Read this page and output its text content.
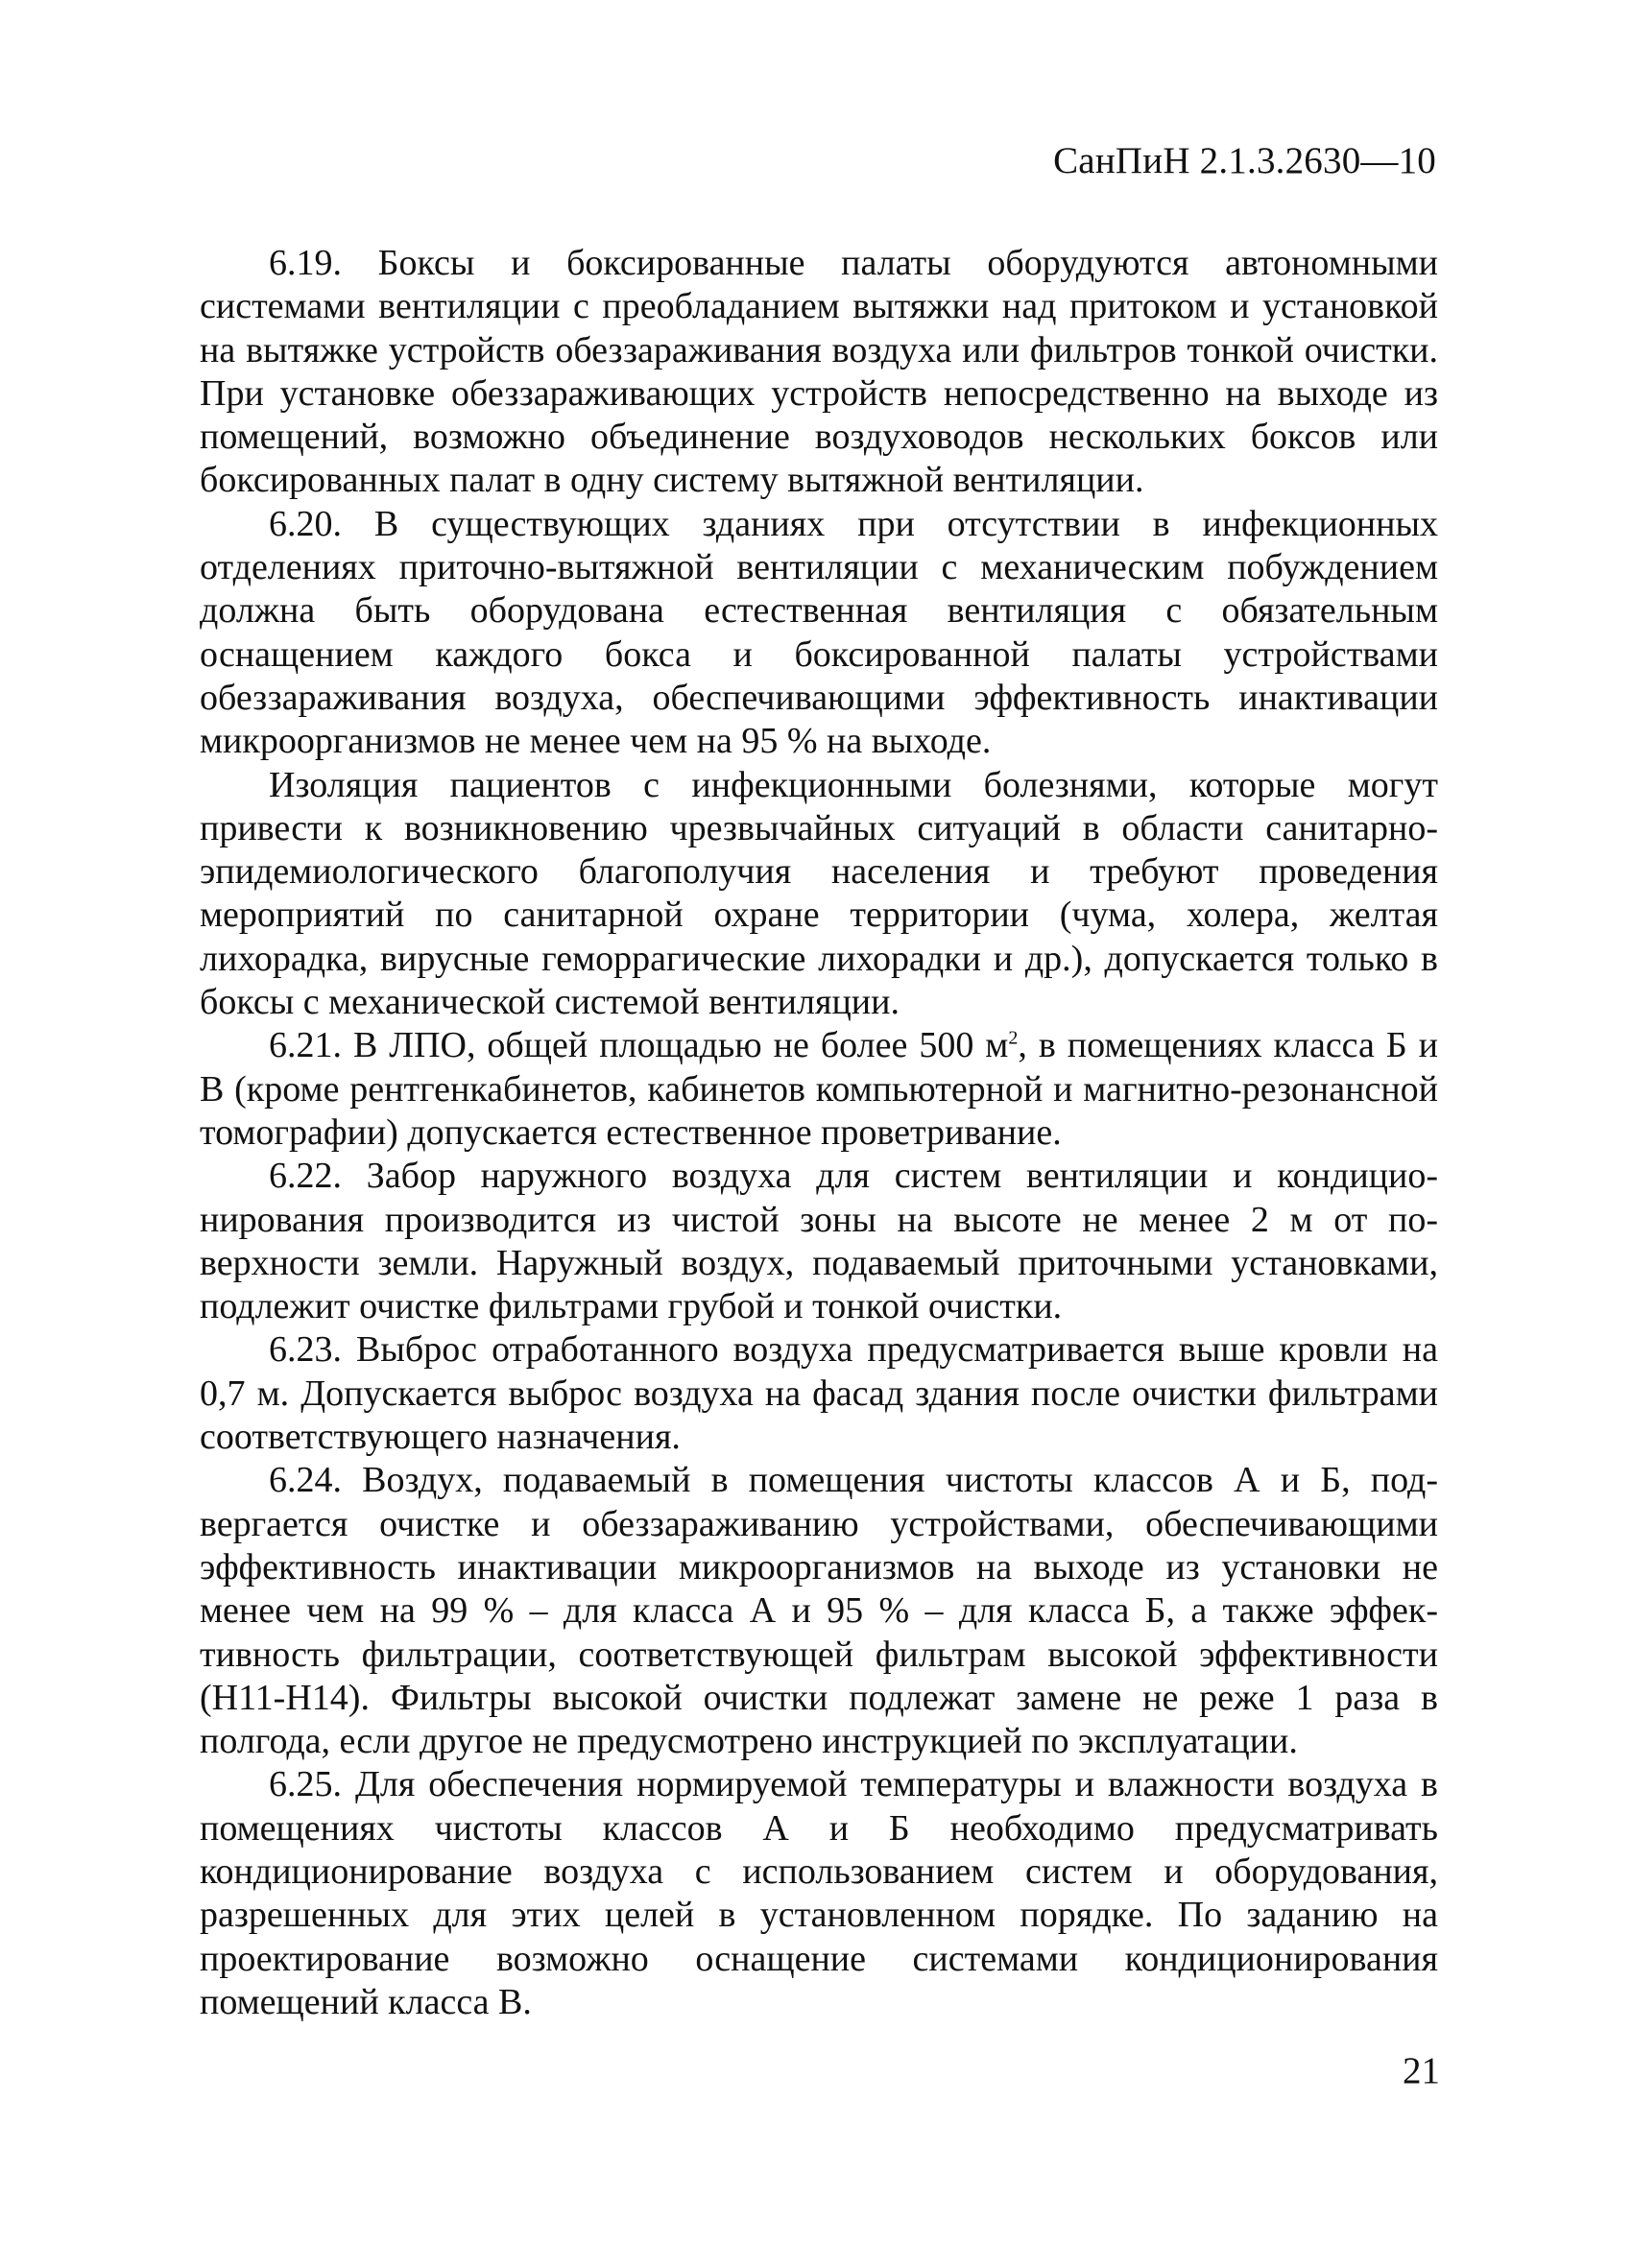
СанПиН 2.1.3.2630—10

6.19. Боксы и боксированные палаты оборудуются автономными системами вентиляции с преобладанием вытяжки над притоком и установкой на вытяжке устройств обеззараживания воздуха или фильтров тонкой очистки. При установке обеззараживающих устройств непосредственно на выходе из помещений, возможно объединение воздуховодов нескольких боксов или боксированных палат в одну систему вытяжной вентиляции.

6.20. В существующих зданиях при отсутствии в инфекционных отделениях приточно-вытяжной вентиляции с механическим побуждением должна быть оборудована естественная вентиляция с обязательным оснащением каждого бокса и боксированной палаты устройствами обеззараживания воздуха, обеспечивающими эффективность инактивации микроорганизмов не менее чем на 95 % на выходе.

Изоляция пациентов с инфекционными болезнями, которые могут привести к возникновению чрезвычайных ситуаций в области санитарно-эпидемиологического благополучия населения и требуют проведения мероприятий по санитарной охране территории (чума, холера, желтая лихорадка, вирусные геморрагические лихорадки и др.), допускается только в боксы с механической системой вентиляции.

6.21. В ЛПО, общей площадью не более 500 $м^2$, в помещениях класса Б и В (кроме рентгенкабинетов, кабинетов компьютерной и магнитно-резонансной томографии) допускается естественное проветривание.

6.22. Забор наружного воздуха для систем вентиляции и кондиционирования производится из чистой зоны на высоте не менее 2 м от поверхности земли. Наружный воздух, подаваемый приточными установками, подлежит очистке фильтрами грубой и тонкой очистки.

6.23. Выброс отработанного воздуха предусматривается выше кровли на 0,7 м. Допускается выброс воздуха на фасад здания после очистки фильтрами соответствующего назначения.

6.24. Воздух, подаваемый в помещения чистоты классов А и Б, подвергается очистке и обеззараживанию устройствами, обеспечивающими эффективность инактивации микроорганизмов на выходе из установки не менее чем на 99 % – для класса А и 95 % – для класса Б, а также эффективность фильтрации, соответствующей фильтрам высокой эффективности (Н11-Н14). Фильтры высокой очистки подлежат замене не реже 1 раза в полгода, если другое не предусмотрено инструкцией по эксплуатации.

6.25. Для обеспечения нормируемой температуры и влажности воздуха в помещениях чистоты классов А и Б необходимо предусматривать кондиционирование воздуха с использованием систем и оборудования, разрешенных для этих целей в установленном порядке. По заданию на проектирование возможно оснащение системами кондиционирования помещений класса В.

21
